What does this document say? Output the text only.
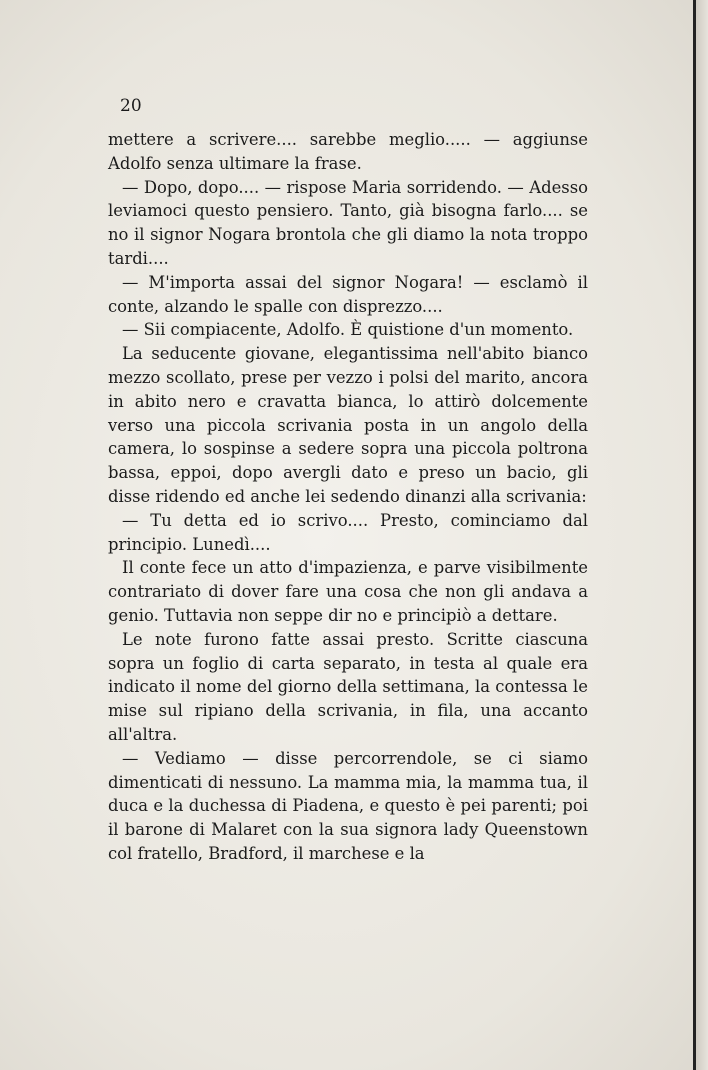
20

mettere a scrivere.... sarebbe meglio..... — aggiunse Adolfo senza ultimare la frase.

— Dopo, dopo.... — rispose Maria sorridendo. — Adesso leviamoci questo pensiero. Tanto, già bisogna farlo.... se no il signor Nogara brontola che gli diamo la nota troppo tardi....

— M'importa assai del signor Nogara! — esclamò il conte, alzando le spalle con disprezzo....

— Sii compiacente, Adolfo. È quistione d'un momento.

La seducente giovane, elegantissima nell'abito bianco mezzo scollato, prese per vezzo i polsi del marito, ancora in abito nero e cravatta bianca, lo attirò dolcemente verso una piccola scrivania posta in un angolo della camera, lo sospinse a sedere sopra una piccola poltrona bassa, eppoi, dopo avergli dato e preso un bacio, gli disse ridendo ed anche lei sedendo dinanzi alla scrivania:

— Tu detta ed io scrivo.... Presto, cominciamo dal principio. Lunedì....

Il conte fece un atto d'impazienza, e parve visibilmente contrariato di dover fare una cosa che non gli andava a genio. Tuttavia non seppe dir no e principiò a dettare.

Le note furono fatte assai presto. Scritte ciascuna sopra un foglio di carta separato, in testa al quale era indicato il nome del giorno della settimana, la contessa le mise sul ripiano della scrivania, in fila, una accanto all'altra.

— Vediamo — disse percorrendole, se ci siamo dimenticati di nessuno. La mamma mia, la mamma tua, il duca e la duchessa di Piadena, e questo è pei parenti; poi il barone di Malaret con la sua signora lady Queenstown col fratello, Bradford, il marchese e la
